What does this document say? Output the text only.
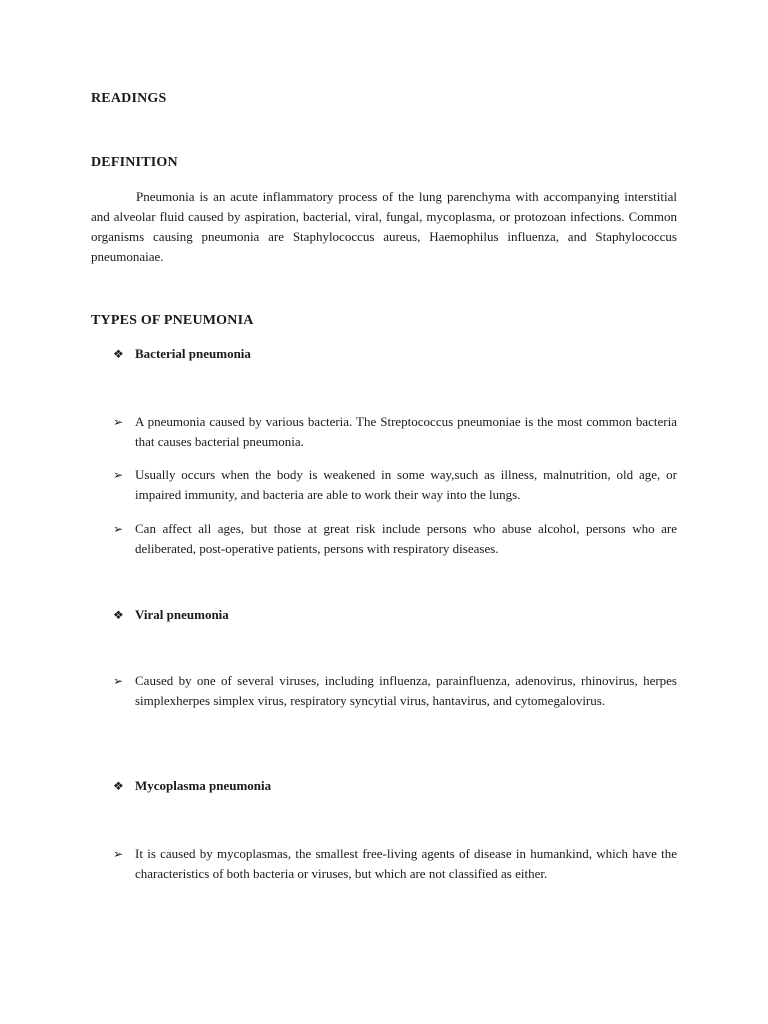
READINGS
DEFINITION

Pneumonia is an acute inflammatory process of the lung parenchyma with accompanying interstitial and alveolar fluid caused by aspiration, bacterial, viral, fungal, mycoplasma, or protozoan infections. Common organisms causing pneumonia are Staphylococcus aureus, Haemophilus influenza, and Staphylococcus pneumonaiae.

TYPES OF PNEUMONIA
❖ Bacterial pneumonia
➢ A pneumonia caused by various bacteria. The Streptococcus pneumoniae is the most common bacteria that causes bacterial pneumonia.
➢ Usually occurs when the body is weakened in some way,such as illness, malnutrition, old age, or impaired immunity, and bacteria are able to work their way into the lungs.
➢ Can affect all ages, but those at great risk include persons who abuse alcohol, persons who are deliberated, post-operative patients, persons with respiratory diseases.
❖ Viral pneumonia
➢ Caused by one of several viruses, including influenza, parainfluenza, adenovirus, rhinovirus, herpes simplexherpes simplex virus, respiratory syncytial virus, hantavirus, and cytomegalovirus.
❖ Mycoplasma pneumonia
➢ It is caused by mycoplasmas, the smallest free-living agents of disease in humankind, which have the characteristics of both bacteria or viruses, but which are not classified as either.
